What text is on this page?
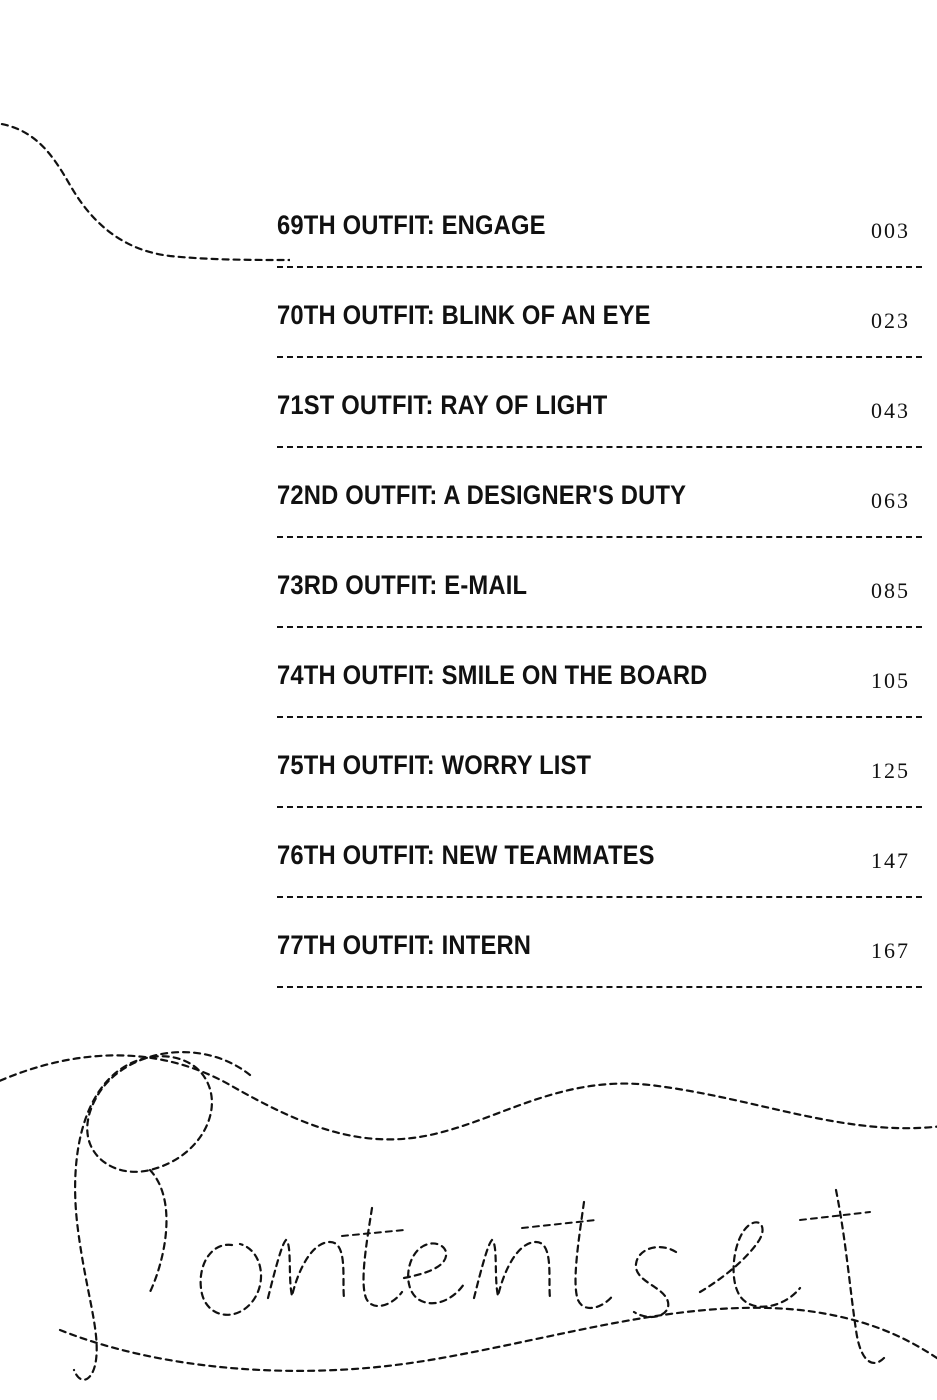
69TH OUTFIT: ENGAGE	003
70TH OUTFIT: BLINK OF AN EYE	023
71ST OUTFIT: RAY OF LIGHT	043
72ND OUTFIT: A DESIGNER'S DUTY	063
73RD OUTFIT: E-MAIL	085
74TH OUTFIT: SMILE ON THE BOARD	105
75TH OUTFIT: WORRY LIST	125
76TH OUTFIT: NEW TEAMMATES	147
77TH OUTFIT: INTERN	167
